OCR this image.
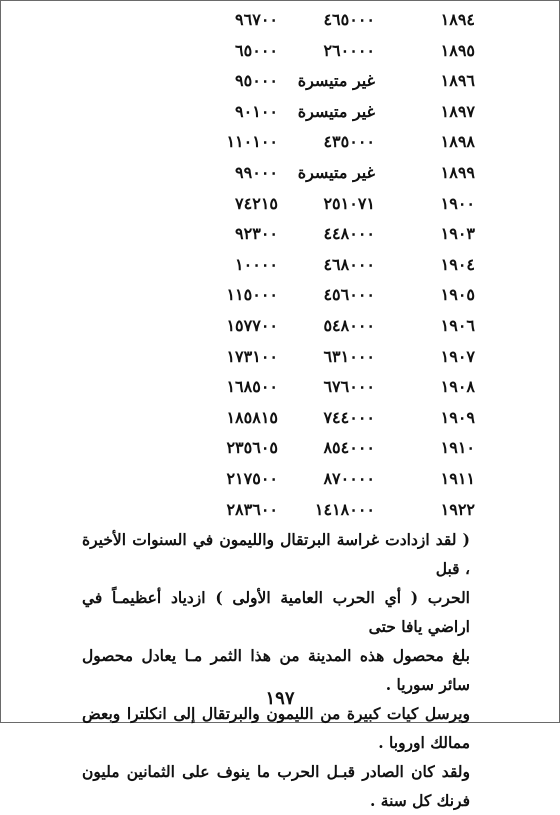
١٨٩٤
٤٦٥٠٠٠
٩٦٧٠٠
١٨٩٥
٢٦٠٠٠٠
٦٥٠٠٠
١٨٩٦
غير متيسرة
٩٥٠٠٠
١٨٩٧
غير متيسرة
٩٠١٠٠
١٨٩٨
٤٣٥٠٠٠
١١٠١٠٠
١٨٩٩
غير متيسرة
٩٩٠٠٠
١٩٠٠
٢٥١٠٧١
٧٤٢١٥
١٩٠٣
٤٤٨٠٠٠
٩٢٣٠٠
١٩٠٤
٤٦٨٠٠٠
١٠٠٠٠
١٩٠٥
٤٥٦٠٠٠
١١٥٠٠٠
١٩٠٦
٥٤٨٠٠٠
١٥٧٧٠٠
١٩٠٧
٦٣١٠٠٠
١٧٣١٠٠
١٩٠٨
٦٧٦٠٠٠
١٦٨٥٠٠
١٩٠٩
٧٤٤٠٠٠
١٨٥٨١٥
١٩١٠
٨٥٤٠٠٠
٢٣٥٦٠٥
١٩١١
٨٧٠٠٠٠
٢١٧٥٠٠
١٩٢٢
١٤١٨٠٠٠
٢٨٣٦٠٠

( لقد ازدادت غراسة البرتقال والليمون في السنوات الأخيرة ، قبل

الحرب ( أي الحرب العامية الأولى ) ازدياد أعظيمـاً في اراضي يافا حتى

بلغ محصول هذه المدينة من هذا الثمر مـا يعادل محصول سائر سوريا .

ويرسل كيات كبيرة من الليمون والبرتقال إلى انكلترا وبعض ممالك اوروبا .

ولقد كان الصادر قبـل الحرب ما ينوف على الثمانين مليون فرنك كل سنة .

١٩٧
